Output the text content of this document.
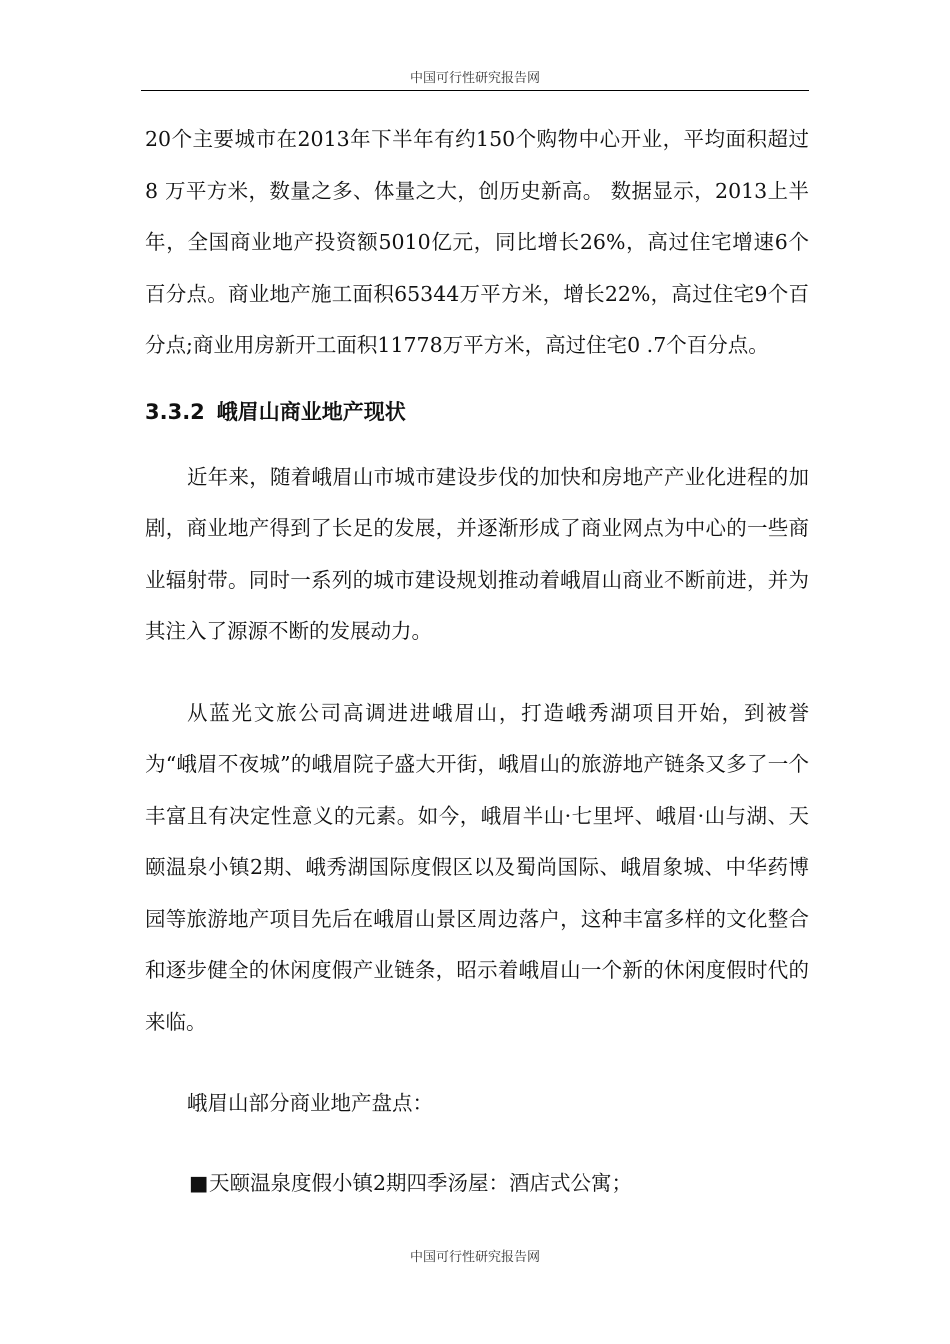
中国可行性研究报告网

20个主要城市在2013年下半年有约150个购物中心开业，平均面积超过 8 万平方米，数量之多、体量之大，创历史新高。 数据显示，2013上半年，全国商业地产投资额5010亿元，同比增长26%，高过住宅增速6个百分点。商业地产施工面积65344万平方米，增长22%，高过住宅9个百分点;商业用房新开工面积11778万平方米，高过住宅0 .7个百分点。

3.3.2 峨眉山商业地产现状

近年来，随着峨眉山市城市建设步伐的加快和房地产产业化进程的加剧，商业地产得到了长足的发展，并逐渐形成了商业网点为中心的一些商业辐射带。同时一系列的城市建设规划推动着峨眉山商业不断前进，并为其注入了源源不断的发展动力。

从蓝光文旅公司高调进进峨眉山，打造峨秀湖项目开始，到被誉为“峨眉不夜城”的峨眉院子盛大开街，峨眉山的旅游地产链条又多了一个丰富且有决定性意义的元素。如今，峨眉半山·七里坪、峨眉·山与湖、天颐温泉小镇2期、峨秀湖国际度假区以及蜀尚国际、峨眉象城、中华药博园等旅游地产项目先后在峨眉山景区周边落户，这种丰富多样的文化整合和逐步健全的休闲度假产业链条，昭示着峨眉山一个新的休闲度假时代的来临。

峨眉山部分商业地产盘点：

■ 天颐温泉度假小镇2期四季汤屋：酒店式公寓；

中国可行性研究报告网
